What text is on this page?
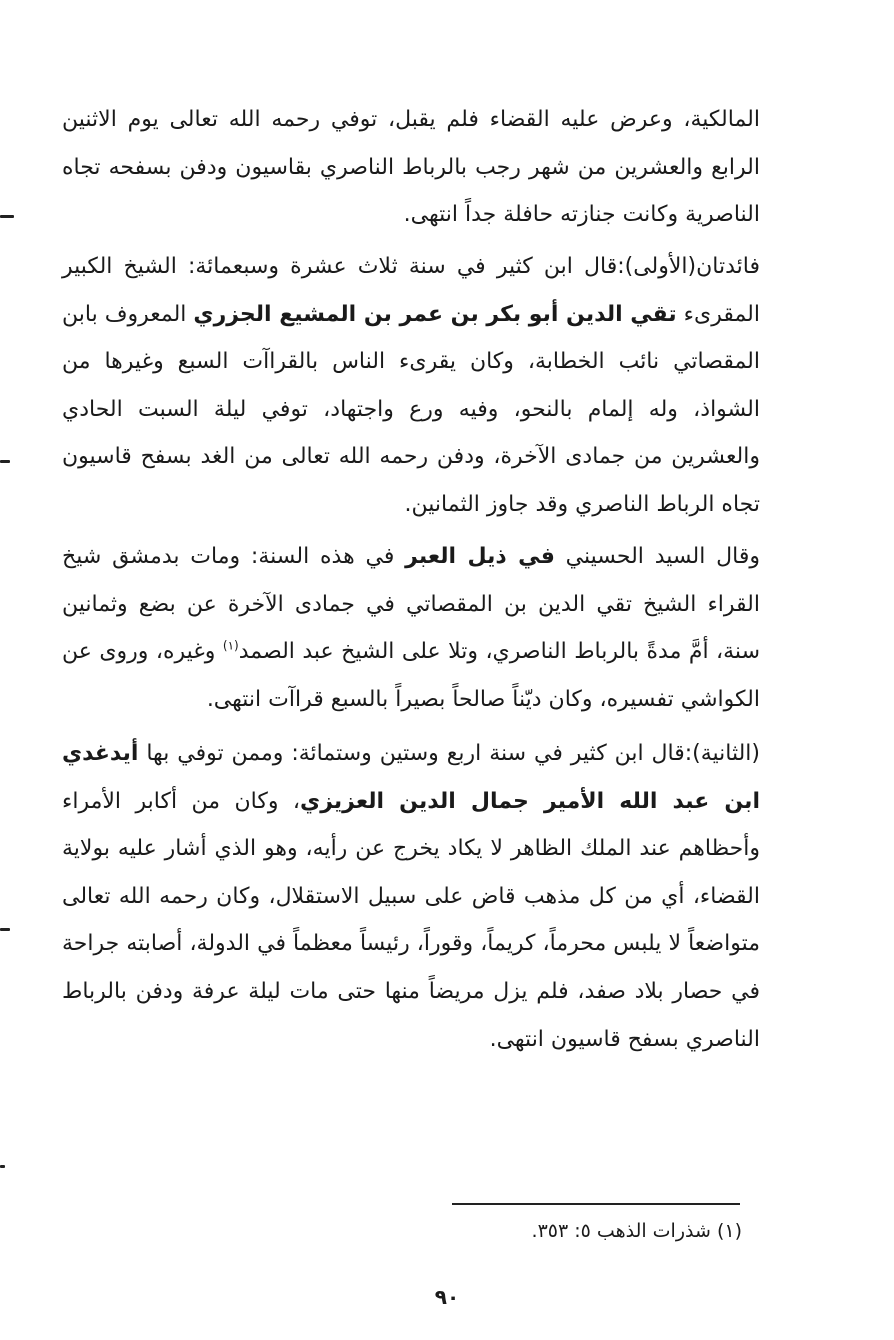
المالكية، وعرض عليه القضاء فلم يقبل، توفي رحمه الله تعالى يوم الاثنين الرابع والعشرين من شهر رجب بالرباط الناصري بقاسيون ودفن بسفحه تجاه الناصرية وكانت جنازته حافلة جداً انتهى.

فائدتان(الأولى):قال ابن كثير في سنة ثلاث عشرة وسبعمائة: الشيخ الكبير المقرىء تقي الدين أبو بكر بن عمر بن المشيع الجزري المعروف بابن المقصاتي نائب الخطابة، وكان يقرىء الناس بالقراآت السبع وغيرها من الشواذ، وله إلمام بالنحو، وفيه ورع واجتهاد، توفي ليلة السبت الحادي والعشرين من جمادى الآخرة، ودفن رحمه الله تعالى من الغد بسفح قاسيون تجاه الرباط الناصري وقد جاوز الثمانين.

وقال السيد الحسيني في ذيل العبر في هذه السنة: ومات بدمشق شيخ القراء الشيخ تقي الدين بن المقصاتي في جمادى الآخرة عن بضع وثمانين سنة، أمَّ مدةً بالرباط الناصري، وتلا على الشيخ عبد الصمد$^{(١)}$ وغيره، وروى عن الكواشي تفسيره، وكان ديّناً صالحاً بصيراً بالسبع قراآت انتهى.

(الثانية):قال ابن كثير في سنة اربع وستين وستمائة: وممن توفي بها أيدغدي ابن عبد الله الأمير جمال الدين العزيزي، وكان من أكابر الأمراء وأحظاهم عند الملك الظاهر لا يكاد يخرج عن رأيه، وهو الذي أشار عليه بولاية القضاء، أي من كل مذهب قاض على سبيل الاستقلال، وكان رحمه الله تعالى متواضعاً لا يلبس محرماً، كريماً، وقوراً، رئيساً معظماً في الدولة، أصابته جراحة في حصار بلاد صفد، فلم يزل مريضاً منها حتى مات ليلة عرفة ودفن بالرباط الناصري بسفح قاسيون انتهى.

(١) شذرات الذهب ٥: ٣٥٣.
٩٠
